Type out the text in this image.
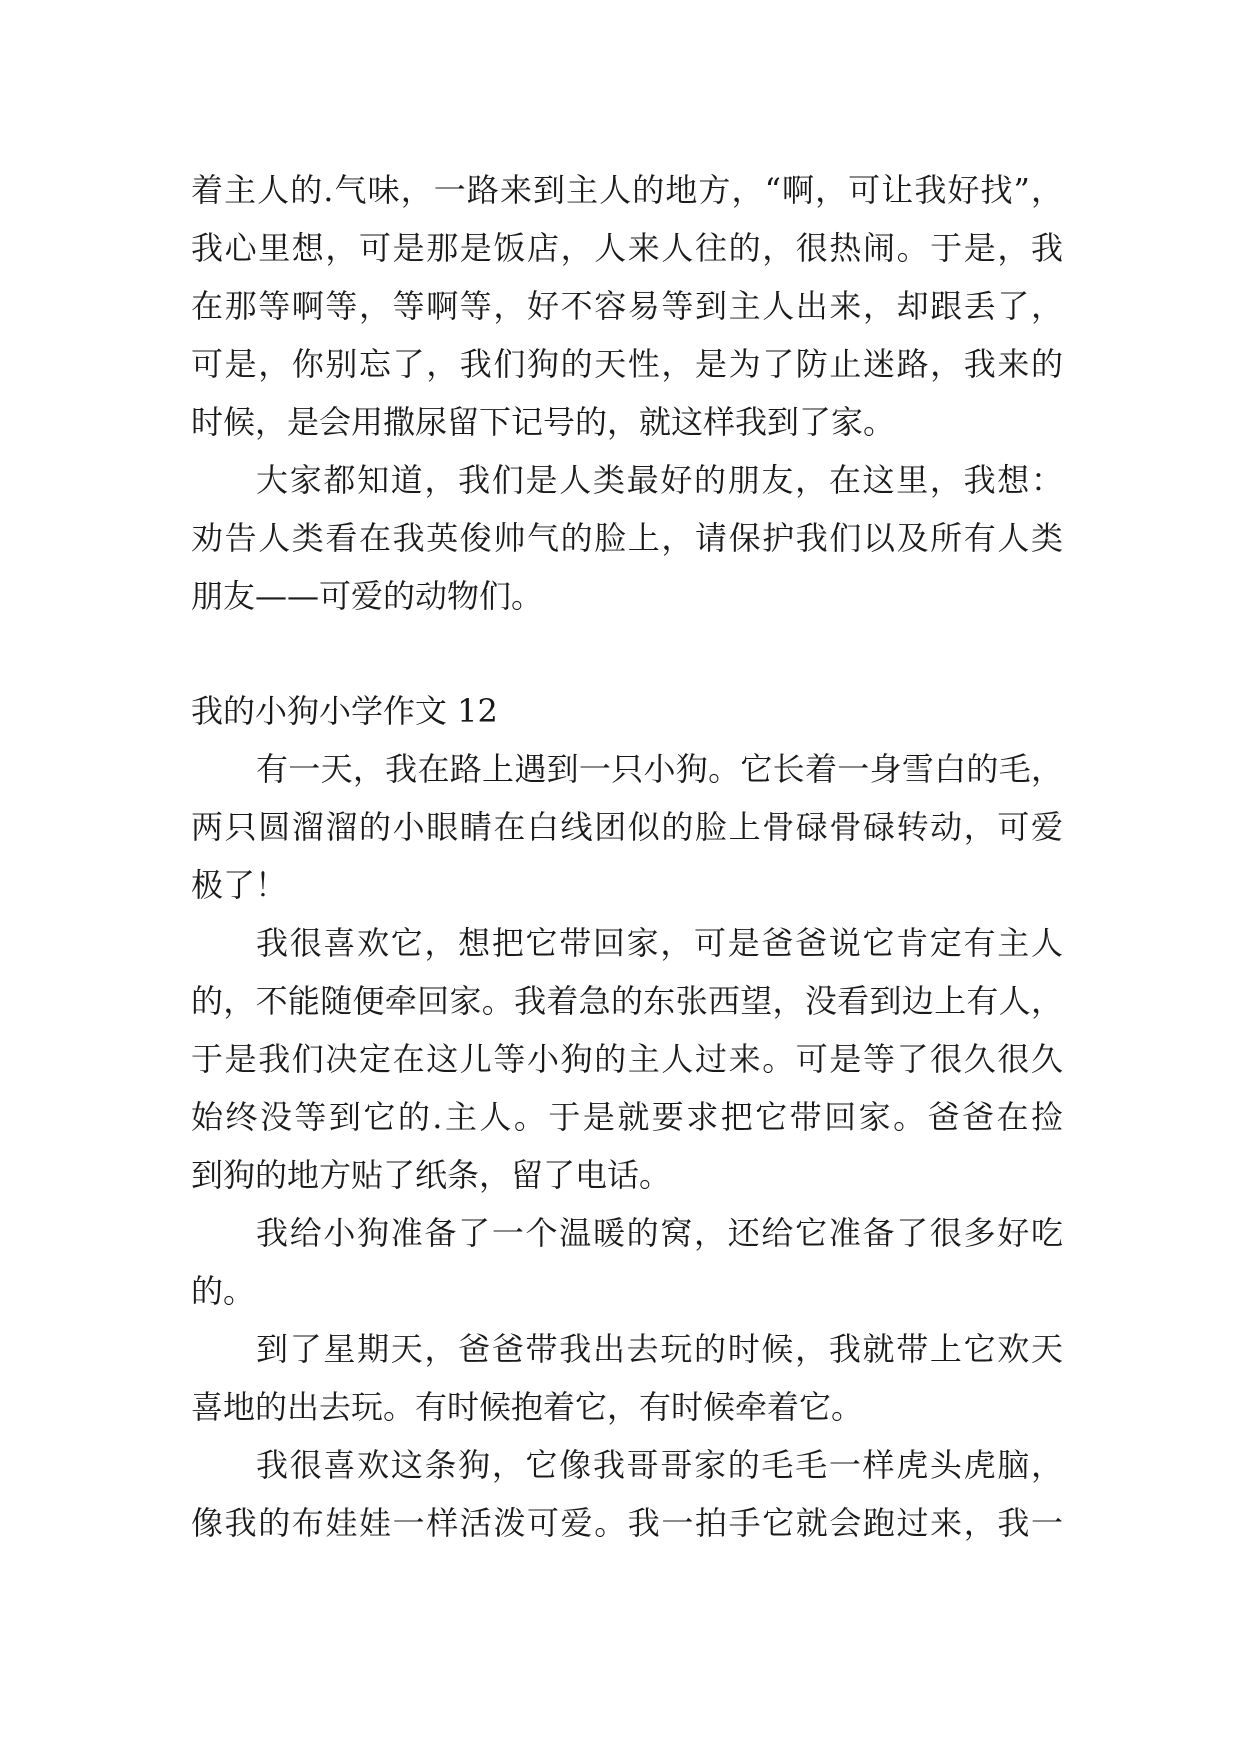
着主人的.气味，一路来到主人的地方，“啊，可让我好找”，
我心里想，可是那是饭店，人来人往的，很热闹。于是，我
在那等啊等，等啊等，好不容易等到主人出来，却跟丢了，
可是，你别忘了，我们狗的天性，是为了防止迷路，我来的
时候，是会用撒尿留下记号的，就这样我到了家。
大家都知道，我们是人类最好的朋友，在这里，我想：
劝告人类看在我英俊帅气的脸上，请保护我们以及所有人类
朋友——可爱的动物们。
我的小狗小学作文 12
有一天，我在路上遇到一只小狗。它长着一身雪白的毛，
两只圆溜溜的小眼睛在白线团似的脸上骨碌骨碌转动，可爱
极了！
我很喜欢它，想把它带回家，可是爸爸说它肯定有主人
的，不能随便牵回家。我着急的东张西望，没看到边上有人，
于是我们决定在这儿等小狗的主人过来。可是等了很久很久
始终没等到它的.主人。于是就要求把它带回家。爸爸在捡
到狗的地方贴了纸条，留了电话。
我给小狗准备了一个温暖的窝，还给它准备了很多好吃
的。
到了星期天，爸爸带我出去玩的时候，我就带上它欢天
喜地的出去玩。有时候抱着它，有时候牵着它。
我很喜欢这条狗，它像我哥哥家的毛毛一样虎头虎脑，
像我的布娃娃一样活泼可爱。我一拍手它就会跑过来，我一
